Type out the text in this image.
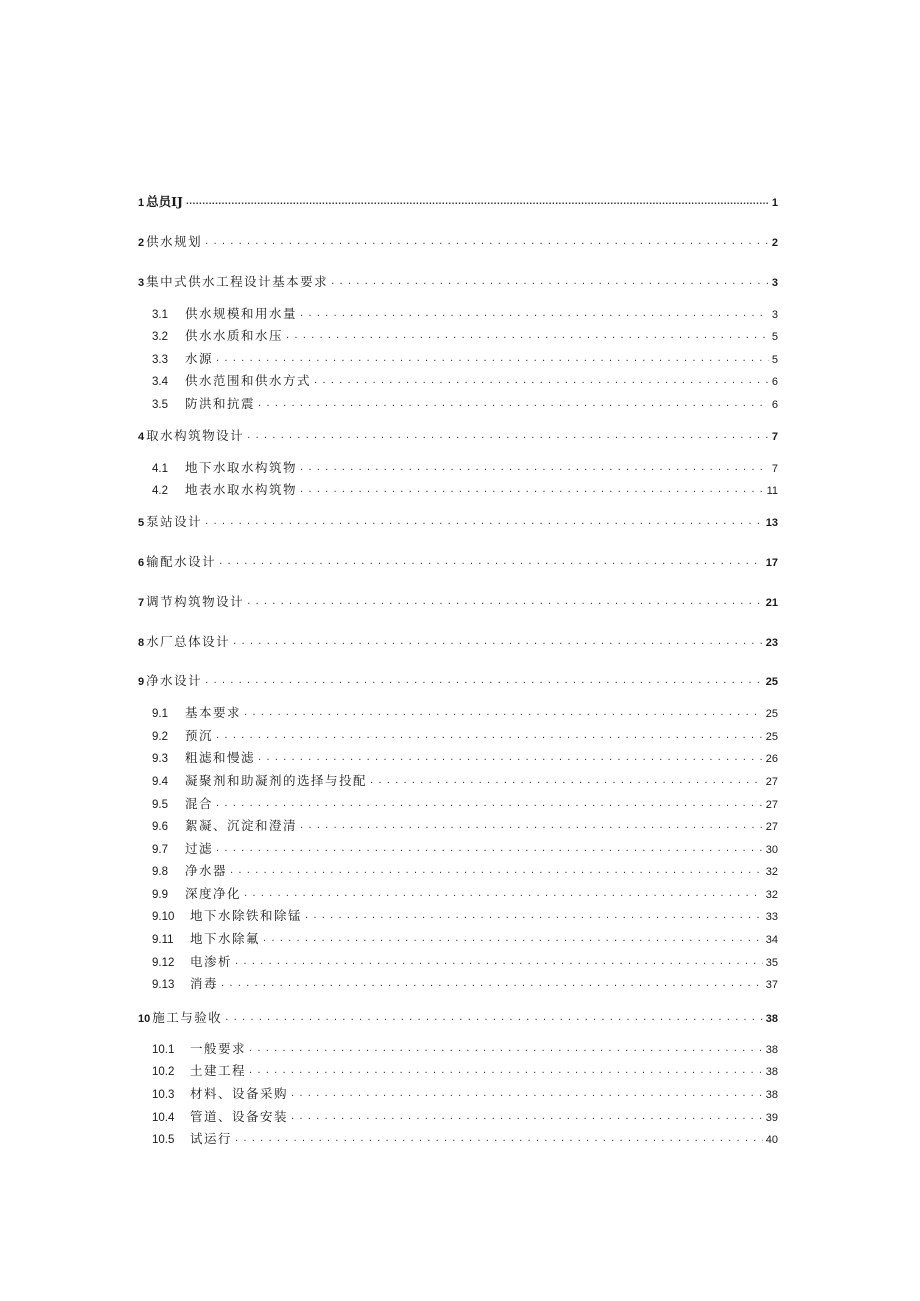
1 总员IJ .....	1
2 供水规划 . . .	2
3 集中式供水工程设计基本要求 . . .	3
3.1	供水规模和用水量 . . .	3
3.2	供水水质和水压 . . .	5
3.3	水源 . . .	5
3.4	供水范围和供水方式 . . .	6
3.5	防洪和抗震 . . .	6
4 取水构筑物设计 . . .	7
4.1	地下水取水构筑物 . . .	7
4.2	地表水取水构筑物 . . .	11
5 泵站设计 . . .	13
6 输配水设计 . . .	17
7 调节构筑物设计 . . .	21
8 水厂总体设计 . . .	23
9 净水设计 . . .	25
9.1	基本要求 . . .	25
9.2	预沉 . . .	25
9.3	粗滤和慢滤 . . .	26
9.4	凝聚剂和助凝剂的选择与投配 . . .	27
9.5	混合 . . .	27
9.6	絮凝、沉淀和澄清 . . .	27
9.7	过滤 . . .	30
9.8	净水器 . . .	32
9.9	深度净化 . . .	32
9.10	地下水除铁和除锰 . . .	33
9.11	地下水除氟 . . .	34
9.12	电渗析 . . .	35
9.13	消毒 . . .	37
10 施工与验收 . . .	38
10.1	一般要求 . . .	38
10.2	土建工程 . . .	38
10.3	材料、设备采购 . . .	38
10.4	管道、设备安装 . . .	39
10.5	试运行 . . .	40
